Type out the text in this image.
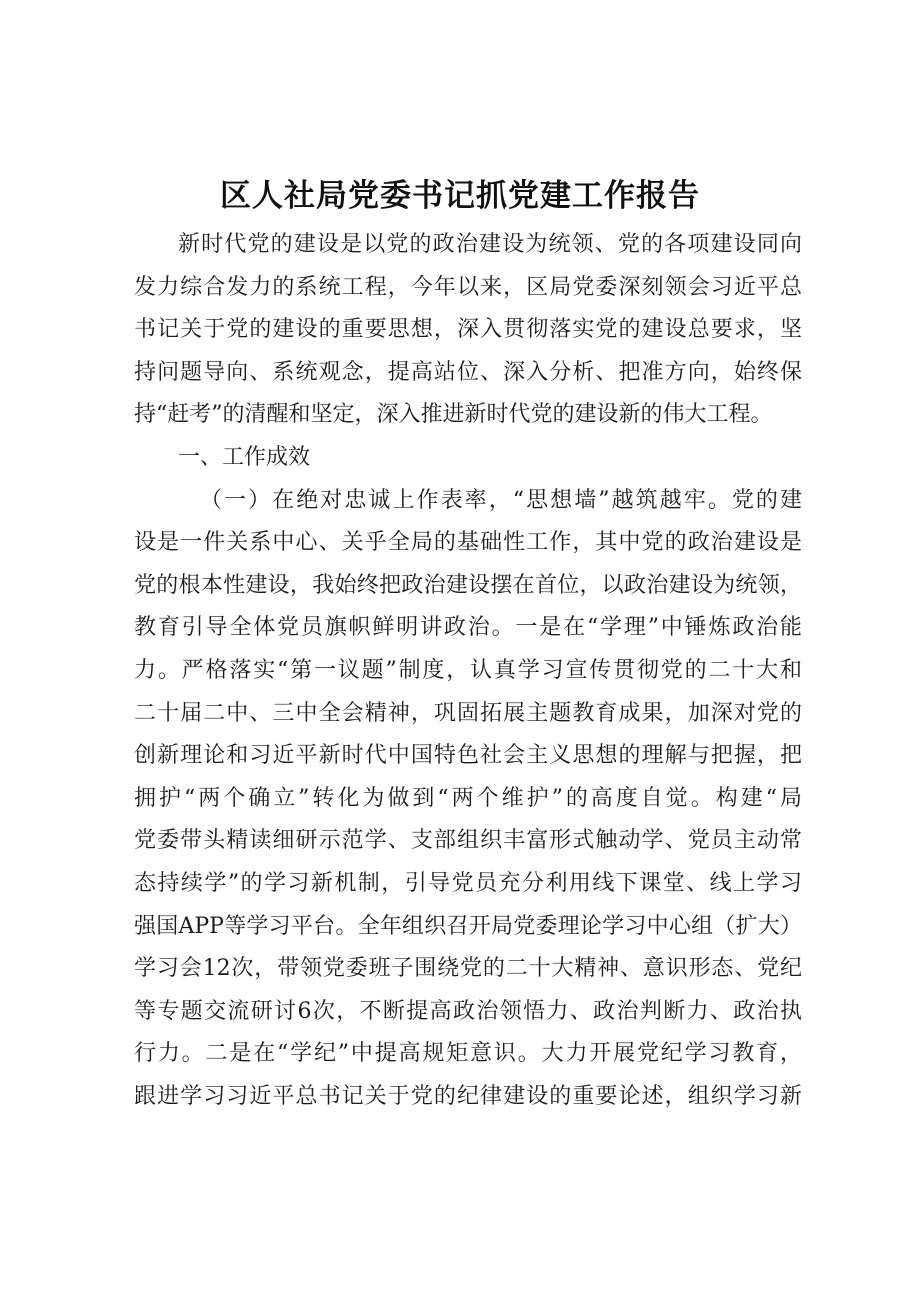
区人社局党委书记抓党建工作报告
新时代党的建设是以党的政治建设为统领、党的各项建设同向
发力综合发力的系统工程，今年以来，区局党委深刻领会习近平总
书记关于党的建设的重要思想，深入贯彻落实党的建设总要求，坚
持问题导向、系统观念，提高站位、深入分析、把准方向，始终保
持“赶考”的清醒和坚定，深入推进新时代党的建设新的伟大工程。
一、工作成效
（一）在绝对忠诚上作表率，“思想墙”越筑越牢。党的建
设是一件关系中心、关乎全局的基础性工作，其中党的政治建设是
党的根本性建设，我始终把政治建设摆在首位，以政治建设为统领，
教育引导全体党员旗帜鲜明讲政治。一是在“学理”中锤炼政治能
力。严格落实“第一议题”制度，认真学习宣传贯彻党的二十大和
二十届二中、三中全会精神，巩固拓展主题教育成果，加深对党的
创新理论和习近平新时代中国特色社会主义思想的理解与把握，把
拥护“两个确立”转化为做到“两个维护”的高度自觉。构建“局
党委带头精读细研示范学、支部组织丰富形式触动学、党员主动常
态持续学”的学习新机制，引导党员充分利用线下课堂、线上学习
强国APP等学习平台。全年组织召开局党委理论学习中心组（扩大）
学习会12次，带领党委班子围绕党的二十大精神、意识形态、党纪
等专题交流研讨6次，不断提高政治领悟力、政治判断力、政治执
行力。二是在“学纪”中提高规矩意识。大力开展党纪学习教育，
跟进学习习近平总书记关于党的纪律建设的重要论述，组织学习新
